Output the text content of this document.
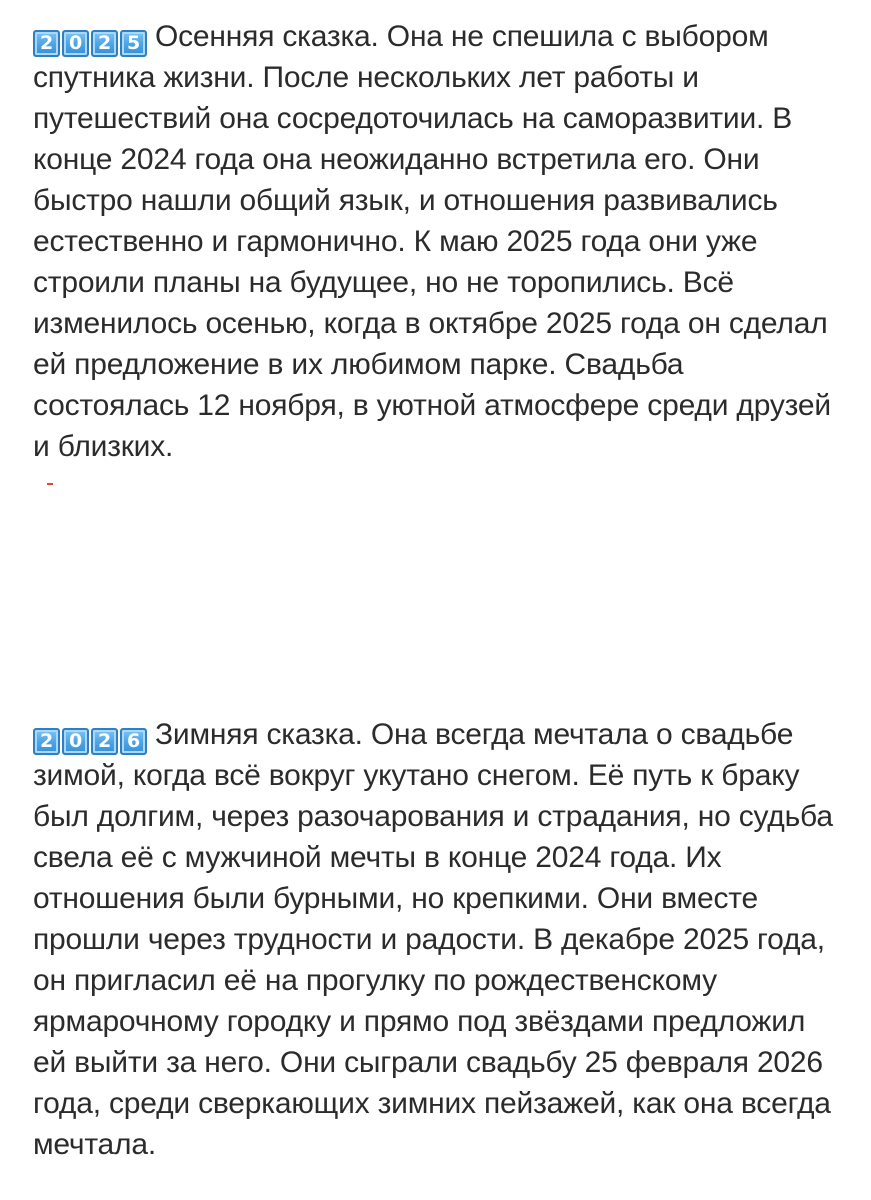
2 0 2 5 Осенняя сказка. Она не спешила с выбором спутника жизни. После нескольких лет работы и путешествий она сосредоточилась на саморазвитии. В конце 2024 года она неожиданно встретила его. Они быстро нашли общий язык, и отношения развивались естественно и гармонично. К маю 2025 года они уже строили планы на будущее, но не торопились. Всё изменилось осенью, когда в октябре 2025 года он сделал ей предложение в их любимом парке. Свадьба состоялась 12 ноября, в уютной атмосфере среди друзей и близких.
2 0 2 6 Зимняя сказка. Она всегда мечтала о свадьбе зимой, когда всё вокруг укутано снегом. Её путь к браку был долгим, через разочарования и страдания, но судьба свела её с мужчиной мечты в конце 2024 года. Их отношения были бурными, но крепкими. Они вместе прошли через трудности и радости. В декабре 2025 года, он пригласил её на прогулку по рождественскому ярмарочному городку и прямо под звёздами предложил ей выйти за него. Они сыграли свадьбу 25 февраля 2026 года, среди сверкающих зимних пейзажей, как она всегда мечтала.
